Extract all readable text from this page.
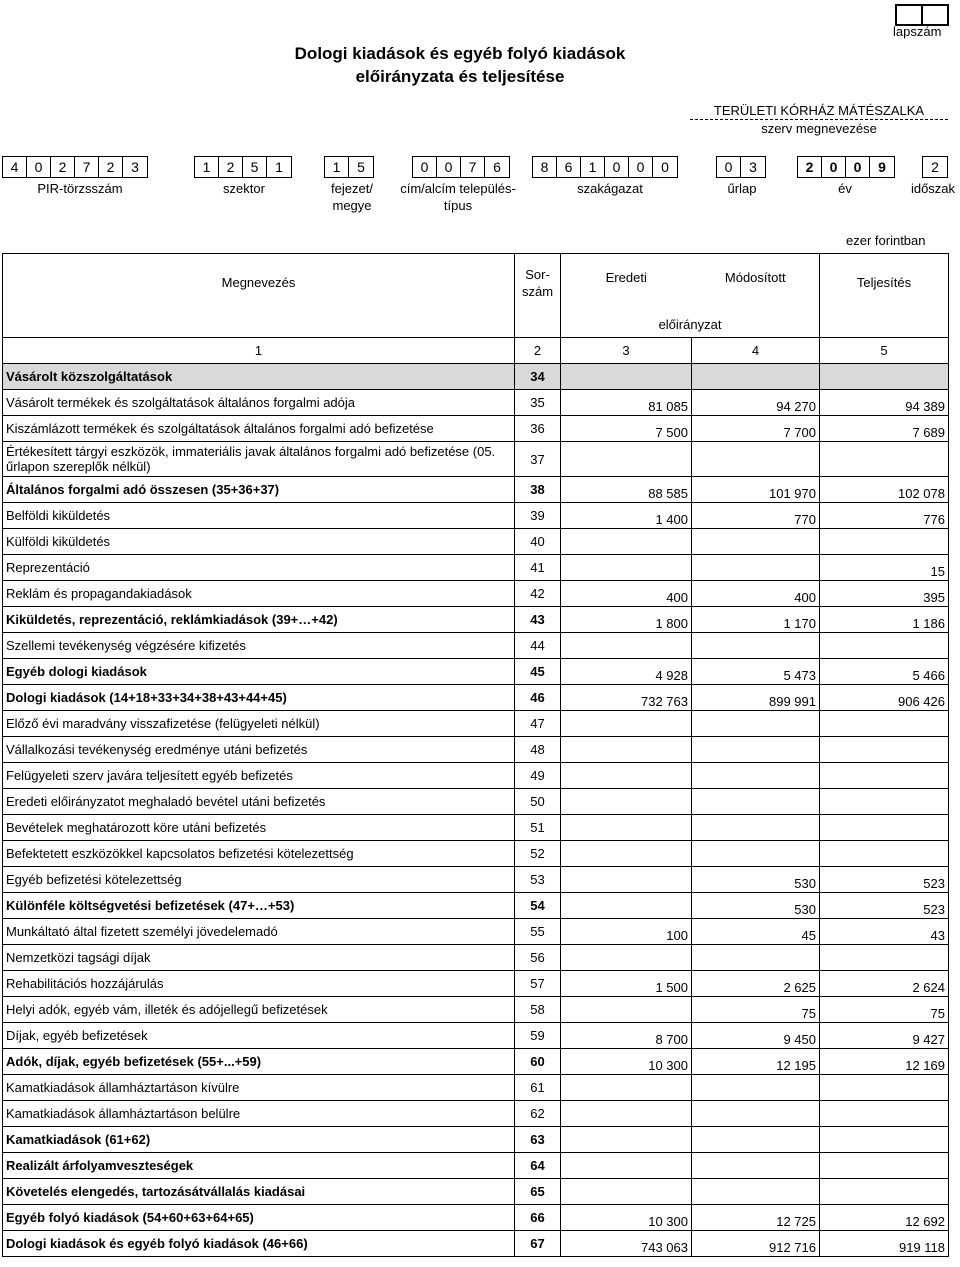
Dologi kiadások és egyéb folyó kiadások
előirányzata és teljesítése
lapszám
TERÜLETI KÓRHÁZ MÁTÉSZALKA
szerv megnevezése
4	0	2	7	2	3	1	2	5	1	1	5	0	0	7	6	8	6	1	0	0	0	0	3	2	0	0	9	2
PIR-törzsszám	szektor	fejezet/ megye
cím/alcím település-típus
szakágazat	űrlap	év	időszak
ezer forintban
Megnevezés	Sor- szám	Eredeti	Módosított	Teljesítés
		előirányzat		
1	2	3	4	5
Vásárolt közszolgáltatások	34			
Vásárolt termékek és szolgáltatások általános forgalmi adója	35	81 085	94 270	94 389
Kiszámlázott termékek és szolgáltatások általános forgalmi adó befizetése	36	7 500	7 700	7 689
Értékesített tárgyi eszközök, immateriális javak általános forgalmi adó befizetése (05. űrlapon szereplők nélkül)	37			
Általános forgalmi adó összesen (35+36+37)	38	88 585	101 970	102 078
Belföldi kiküldetés	39	1 400	770	776
Külföldi kiküldetés	40			
Reprezentáció	41			15
Reklám és propagandakiadások	42	400	400	395
Kiküldetés, reprezentáció, reklámkiadások (39+…+42)	43	1 800	1 170	1 186
Szellemi tevékenység végzésére kifizetés	44			
Egyéb dologi kiadások	45	4 928	5 473	5 466
Dologi kiadások (14+18+33+34+38+43+44+45)	46	732 763	899 991	906 426
Előző évi maradvány visszafizetése (felügyeleti nélkül)	47			
Vállalkozási tevékenység eredménye utáni befizetés	48			
Felügyeleti szerv javára teljesített egyéb befizetés	49			
Eredeti előirányzatot meghaladó bevétel utáni befizetés	50			
Bevételek meghatározott köre utáni befizetés	51			
Befektetett eszközökkel kapcsolatos befizetési kötelezettség	52			
Egyéb befizetési kötelezettség	53		530	523
Különféle költségvetési befizetések (47+…+53)	54		530	523
Munkáltató által fizetett személyi jövedelemadó	55	100	45	43
Nemzetközi tagsági díjak	56			
Rehabilitációs hozzájárulás	57	1 500	2 625	2 624
Helyi adók, egyéb vám, illeték és adójellegű befizetések	58		75	75
Díjak, egyéb befizetések	59	8 700	9 450	9 427
Adók, díjak, egyéb befizetések (55+...+59)	60	10 300	12 195	12 169
Kamatkiadások államháztartáson kívülre	61			
Kamatkiadások államháztartáson belülre	62			
Kamatkiadások (61+62)	63			
Realizált árfolyamveszteségek	64			
Követelés elengedés, tartozásátvállalás kiadásai	65			
Egyéb folyó kiadások (54+60+63+64+65)	66	10 300	12 725	12 692
Dologi kiadások és egyéb folyó kiadások (46+66)	67	743 063	912 716	919 118
